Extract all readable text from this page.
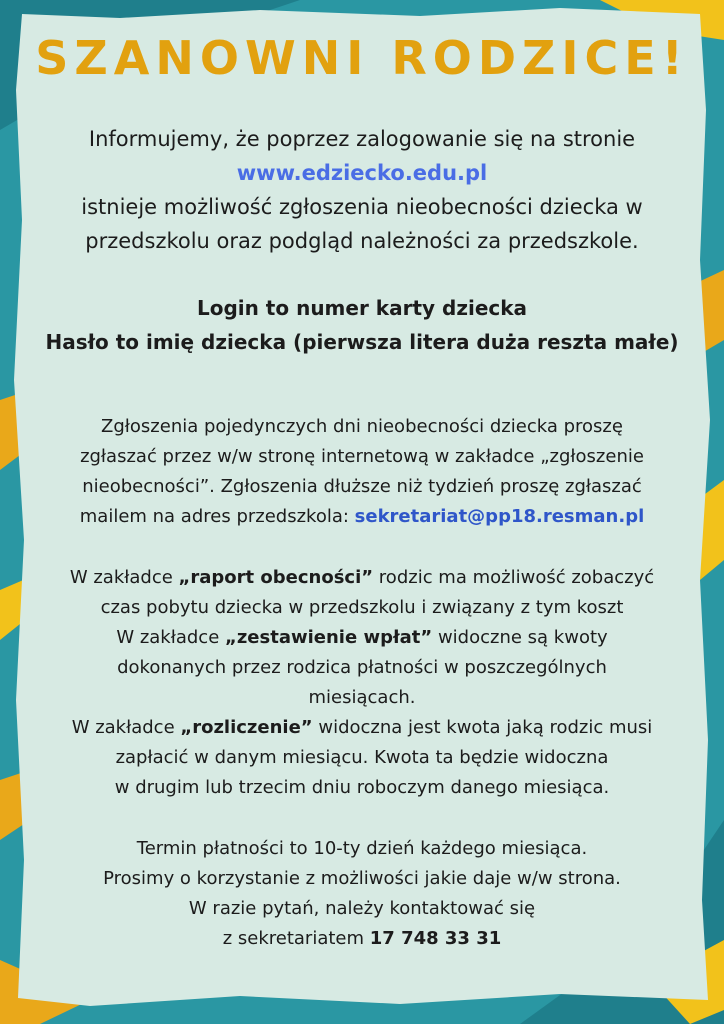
SZANOWNI RODZICE!
Informujemy, że poprzez zalogowanie się na stronie
www.edziecko.edu.pl
istnieje możliwość zgłoszenia nieobecności dziecka w
przedszkolu oraz podgląd należności za przedszkole.
Login to numer karty dziecka
Hasło to imię dziecka (pierwsza litera duża reszta małe)
Zgłoszenia pojedynczych dni nieobecności dziecka proszę
zgłaszać przez w/w stronę internetową w zakładce „zgłoszenie
nieobecności”. Zgłoszenia dłuższe niż tydzień proszę zgłaszać
mailem na adres przedszkola: sekretariat@pp18.resman.pl
W zakładce „raport obecności” rodzic ma możliwość zobaczyć
czas pobytu dziecka w przedszkolu i związany z tym koszt
W zakładce „zestawienie wpłat” widoczne są kwoty
dokonanych przez rodzica płatności w poszczególnych
miesiącach.
W zakładce „rozliczenie” widoczna jest kwota jaką rodzic musi
zapłacić w danym miesiącu. Kwota ta będzie widoczna
w drugim lub trzecim dniu roboczym danego miesiąca.
Termin płatności to 10-ty dzień każdego miesiąca.
Prosimy o korzystanie z możliwości jakie daje w/w strona.
W razie pytań, należy kontaktować się
z sekretariatem 17 748 33 31
